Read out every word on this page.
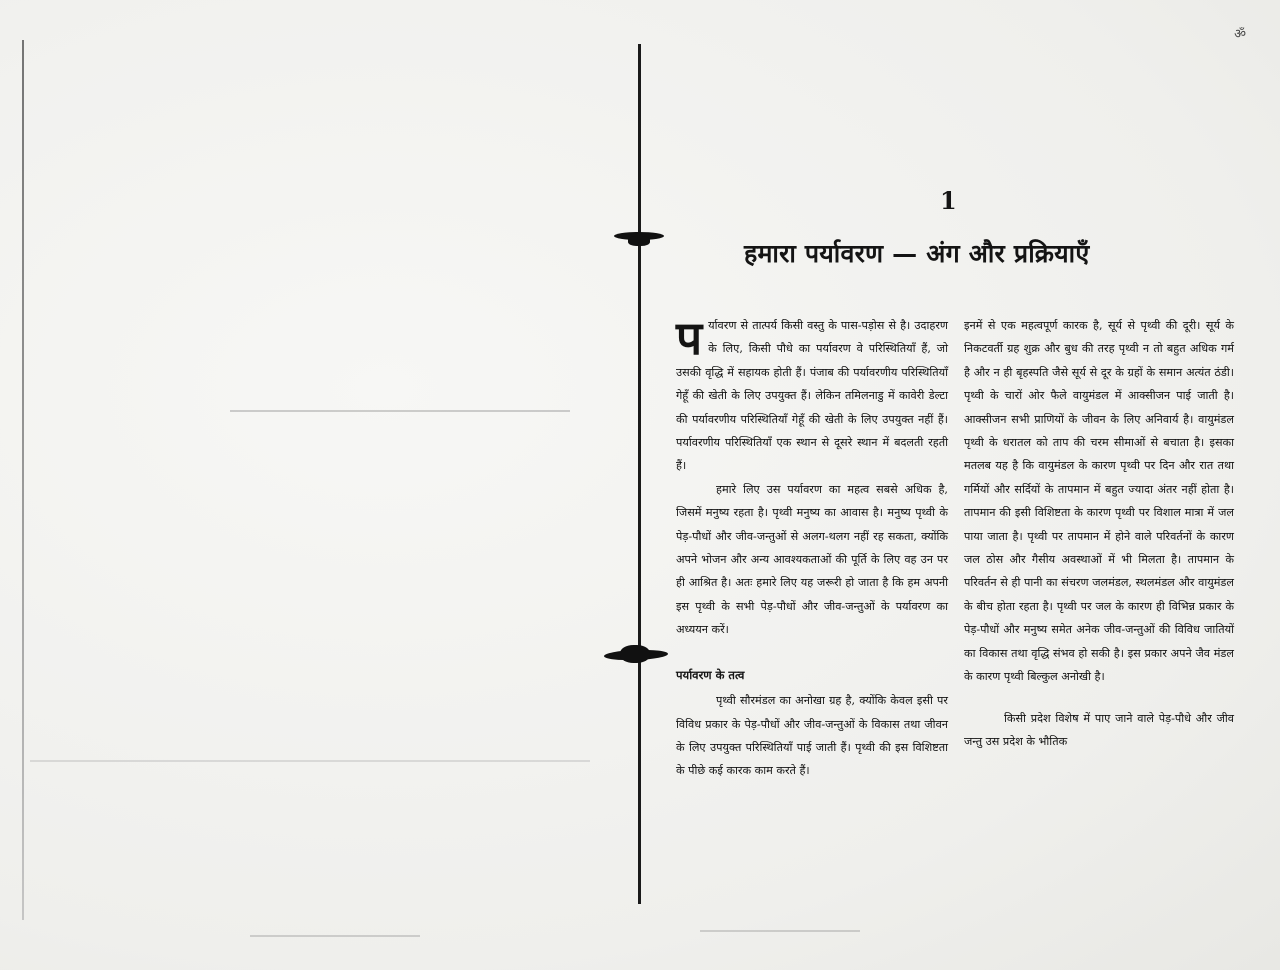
ॐ
1
हमारा पर्यावरण — अंग और प्रक्रियाएँ

पर्यावरण से तात्पर्य किसी वस्तु के पास-पड़ोस से है। उदाहरण के लिए, किसी पौधे का पर्यावरण वे परिस्थितियाँ हैं, जो उसकी वृद्धि में सहायक होती हैं। पंजाब की पर्यावरणीय परिस्थितियाँ गेहूँ की खेती के लिए उपयुक्त हैं। लेकिन तमिलनाडु में कावेरी डेल्टा की पर्यावरणीय परिस्थितियाँ गेहूँ की खेती के लिए उपयुक्त नहीं हैं। पर्यावरणीय परिस्थितियाँ एक स्थान से दूसरे स्थान में बदलती रहती हैं।

हमारे लिए उस पर्यावरण का महत्व सबसे अधिक है, जिसमें मनुष्य रहता है। पृथ्वी मनुष्य का आवास है। मनुष्य पृथ्वी के पेड़-पौधों और जीव-जन्तुओं से अलग-थलग नहीं रह सकता, क्योंकि अपने भोजन और अन्य आवश्यकताओं की पूर्ति के लिए वह उन पर ही आश्रित है। अतः हमारे लिए यह जरूरी हो जाता है कि हम अपनी इस पृथ्वी के सभी पेड़-पौधों और जीव-जन्तुओं के पर्यावरण का अध्ययन करें।

पर्यावरण के तत्व

पृथ्वी सौरमंडल का अनोखा ग्रह है, क्योंकि केवल इसी पर विविध प्रकार के पेड़-पौधों और जीव-जन्तुओं के विकास तथा जीवन के लिए उपयुक्त परिस्थितियाँ पाई जाती हैं। पृथ्वी की इस विशिष्टता के पीछे कई कारक काम करते हैं।

इनमें से एक महत्वपूर्ण कारक है, सूर्य से पृथ्वी की दूरी। सूर्य के निकटवर्ती ग्रह शुक्र और बुध की तरह पृथ्वी न तो बहुत अधिक गर्म है और न ही बृहस्पति जैसे सूर्य से दूर के ग्रहों के समान अत्यंत ठंडी। पृथ्वी के चारों ओर फैले वायुमंडल में आक्सीजन पाई जाती है। आक्सीजन सभी प्राणियों के जीवन के लिए अनिवार्य है। वायुमंडल पृथ्वी के धरातल को ताप की चरम सीमाओं से बचाता है। इसका मतलब यह है कि वायुमंडल के कारण पृथ्वी पर दिन और रात तथा गर्मियों और सर्दियों के तापमान में बहुत ज्यादा अंतर नहीं होता है। तापमान की इसी विशिष्टता के कारण पृथ्वी पर विशाल मात्रा में जल पाया जाता है। पृथ्वी पर तापमान में होने वाले परिवर्तनों के कारण जल ठोस और गैसीय अवस्थाओं में भी मिलता है। तापमान के परिवर्तन से ही पानी का संचरण जलमंडल, स्थलमंडल और वायुमंडल के बीच होता रहता है। पृथ्वी पर जल के कारण ही विभिन्न प्रकार के पेड़-पौधों और मनुष्य समेत अनेक जीव-जन्तुओं की विविध जातियों का विकास तथा वृद्धि संभव हो सकी है। इस प्रकार अपने जैव मंडल के कारण पृथ्वी बिल्कुल अनोखी है।

किसी प्रदेश विशेष में पाए जाने वाले पेड़-पौधे और जीव जन्तु उस प्रदेश के भौतिक
